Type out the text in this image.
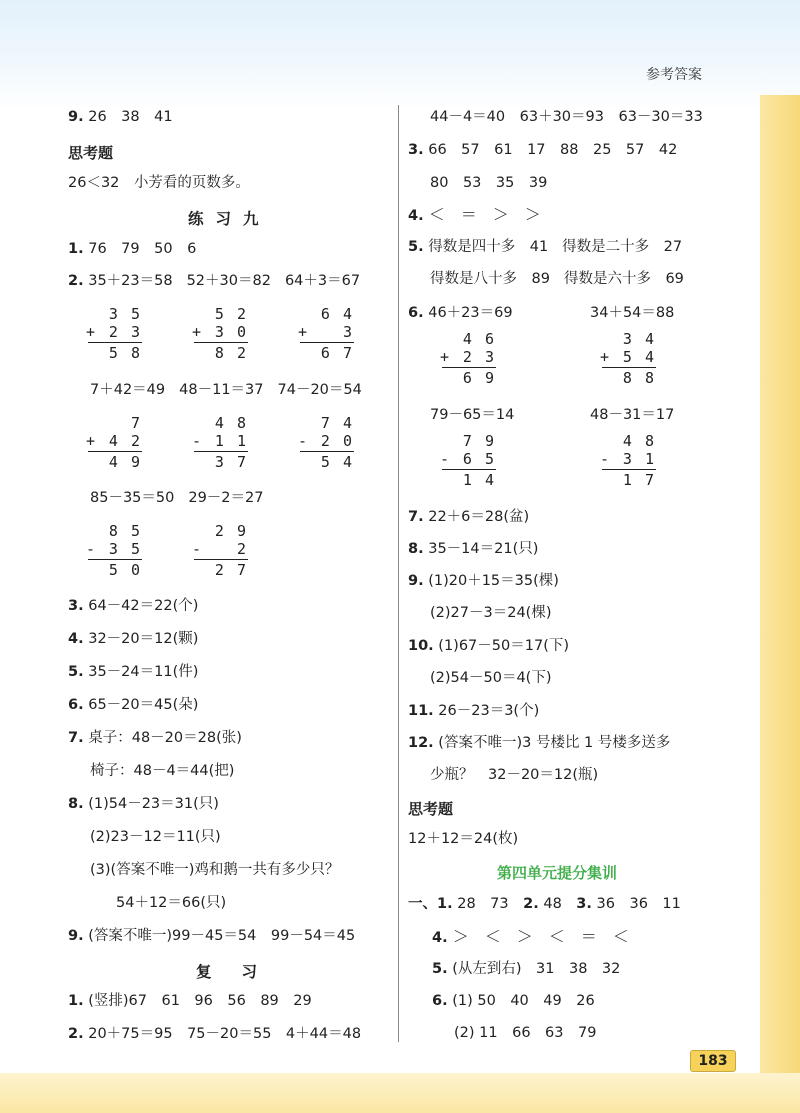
参考答案
183
9. 26　38　41
思考题
26＜32　小芳看的页数多。
练习九
1. 76　79　50　6
2. 35＋23＝58 52＋30＝82 64＋3＝67
3 5
+ 2 3
5 8
5 2
+ 3 0
8 2
6 4
+ 3
6 7
7＋42＝49 48－11＝37 74－20＝54
7
+ 4 2
4 9
4 8
- 1 1
3 7
7 4
- 2 0
5 4
85－35＝50 29－2＝27
8 5
- 3 5
5 0
2 9
- 2
2 7
3. 64－42＝22(个)
4. 32－20＝12(颗)
5. 35－24＝11(件)
6. 65－20＝45(朵)
7. 桌子：48－20＝28(张)
椅子：48－4＝44(把)
8. (1)54－23＝31(只)
(2)23－12＝11(只)
(3)(答案不唯一)鸡和鹅一共有多少只？
54＋12＝66(只)
9. (答案不唯一)99－45＝54　99－54＝45
复习
1. (竖排)67　61　96　56　89　29
2. 20＋75＝95　75－20＝55　4＋44＝48
44－4＝40　63＋30＝93　63－30＝33
3. 66　57　61　17　88　25　57　42
80　53　35　39
4. ＜　＝　＞　＞
5. 得数是四十多　41 得数是二十多　27
得数是八十多　89 得数是六十多　69
6. 46＋23＝69	34＋54＝88
4 6
+ 2 3
6 9
3 4
+ 5 4
8 8
79－65＝14	48－31＝17
7 9
- 6 5
1 4
4 8
- 3 1
1 7
7. 22＋6＝28(盆)
8. 35－14＝21(只)
9. (1)20＋15＝35(棵)
(2)27－3＝24(棵)
10. (1)67－50＝17(下)
(2)54－50＝4(下)
11. 26－23＝3(个)
12. (答案不唯一)3 号楼比 1 号楼多送多
少瓶？　32－20＝12(瓶)
思考题
12＋12＝24(枚)
第四单元提分集训
一、1. 28　73　 2. 48　 3. 36　36　11
4. ＞　＜　＞　＜　＝　＜
5. (从左到右)　31　38　32
6. (1) 50　40　49　26
(2) 11　66　63　79
